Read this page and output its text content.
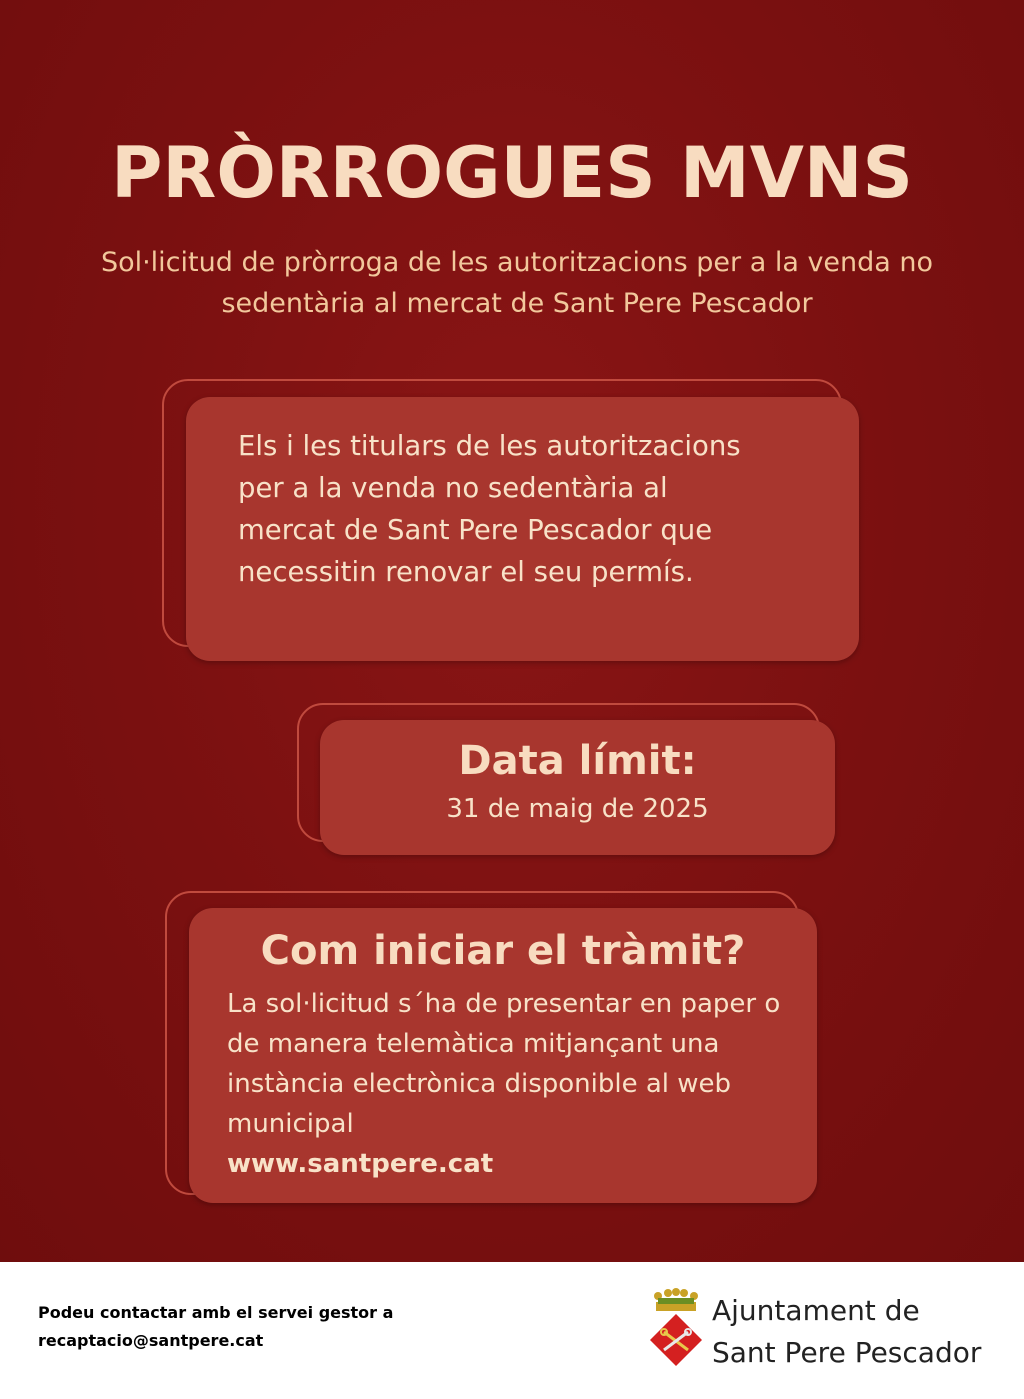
PRÒRROGUES MVNS
Sol·licitud de pròrroga de les autoritzacions per a la venda no sedentària al mercat de Sant Pere Pescador
Els i les titulars de les autoritzacions per a la venda no sedentària al mercat de Sant Pere Pescador que necessitin renovar el seu permís.
Data límit:
31 de maig de 2025
Com iniciar el tràmit?
La sol·licitud s´ha de presentar en paper o de manera telemàtica mitjançant una instància electrònica disponible al web municipal
www.santpere.cat
Podeu contactar amb el servei gestor a
recaptacio@santpere.cat
Ajuntament de
Sant Pere Pescador
